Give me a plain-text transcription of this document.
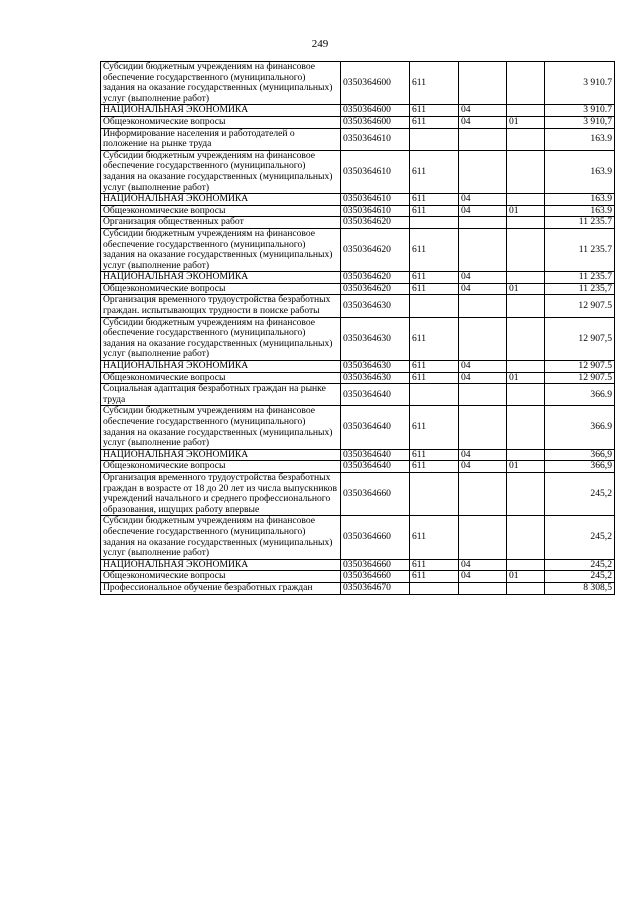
249
Субсидии бюджетным учреждениям на финансовое обеспечение государственного (муниципального) задания на оказание государственных (муниципальных) услуг (выполнение работ)	0350364600	611			3 910.7
НАЦИОНАЛЬНАЯ ЭКОНОМИКА	0350364600	611	04		3 910.7
Общеэкономические вопросы	0350364600	611	04	01	3 910,7
Информирование населения и работодателей о положение на рынке труда	0350364610				163.9
Субсидии бюджетным учреждениям на финансовое обеспечение государственного (муниципального) задания на оказание государственных (муниципальных) услуг (выполнение работ)	0350364610	611			163.9
НАЦИОНАЛЬНАЯ ЭКОНОМИКА	0350364610	611	04		163.9
Общеэкономические вопросы	0350364610	611	04	01	163.9
Организация общественных работ	0350364620				11 235.7
Субсидии бюджетным учреждениям на финансовое обеспечение государственного (муниципального) задания на оказание государственных (муниципальных) услуг (выполнение работ)	0350364620	611			11 235.7
НАЦИОНАЛЬНАЯ ЭКОНОМИКА	0350364620	611	04		11 235.7
Общеэкономические вопросы	0350364620	611	04	01	11 235,7
Организация временного трудоустройства безработных граждан. испытывающих трудности в поиске работы	0350364630				12 907.5
Субсидии бюджетным учреждениям на финансовое обеспечение государственного (муниципального) задания на оказание государственных (муниципальных) услуг (выполнение работ)	0350364630	611			12 907,5
НАЦИОНАЛЬНАЯ ЭКОНОМИКА	0350364630	611	04		12 907.5
Общеэкономические вопросы	0350364630	611	04	01	12 907.5
Социальная адаптация безработных граждан на рынке труда	0350364640				366.9
Субсидии бюджетным учреждениям на финансовое обеспечение государственного (муниципального) задания на оказание государственных (муниципальных) услуг (выполнение работ)	0350364640	611			366.9
НАЦИОНАЛЬНАЯ ЭКОНОМИКА	0350364640	611	04		366,9
Общеэкономические вопросы	0350364640	611	04	01	366,9
Организация временного трудоустройства безработных граждан в возрасте от 18 до 20 лет из числа выпускников учреждений начального и среднего профессионального образования, ищущих работу впервые	0350364660				245,2
Субсидии бюджетным учреждениям на финансовое обеспечение государственного (муниципального) задания на оказание государственных (муниципальных) услуг (выполнение работ)	0350364660	611			245,2
НАЦИОНАЛЬНАЯ ЭКОНОМИКА	0350364660	611	04		245,2
Общеэкономические вопросы	0350364660	611	04	01	245,2
Профессиональное обучение безработных граждан	0350364670				8 308,5
